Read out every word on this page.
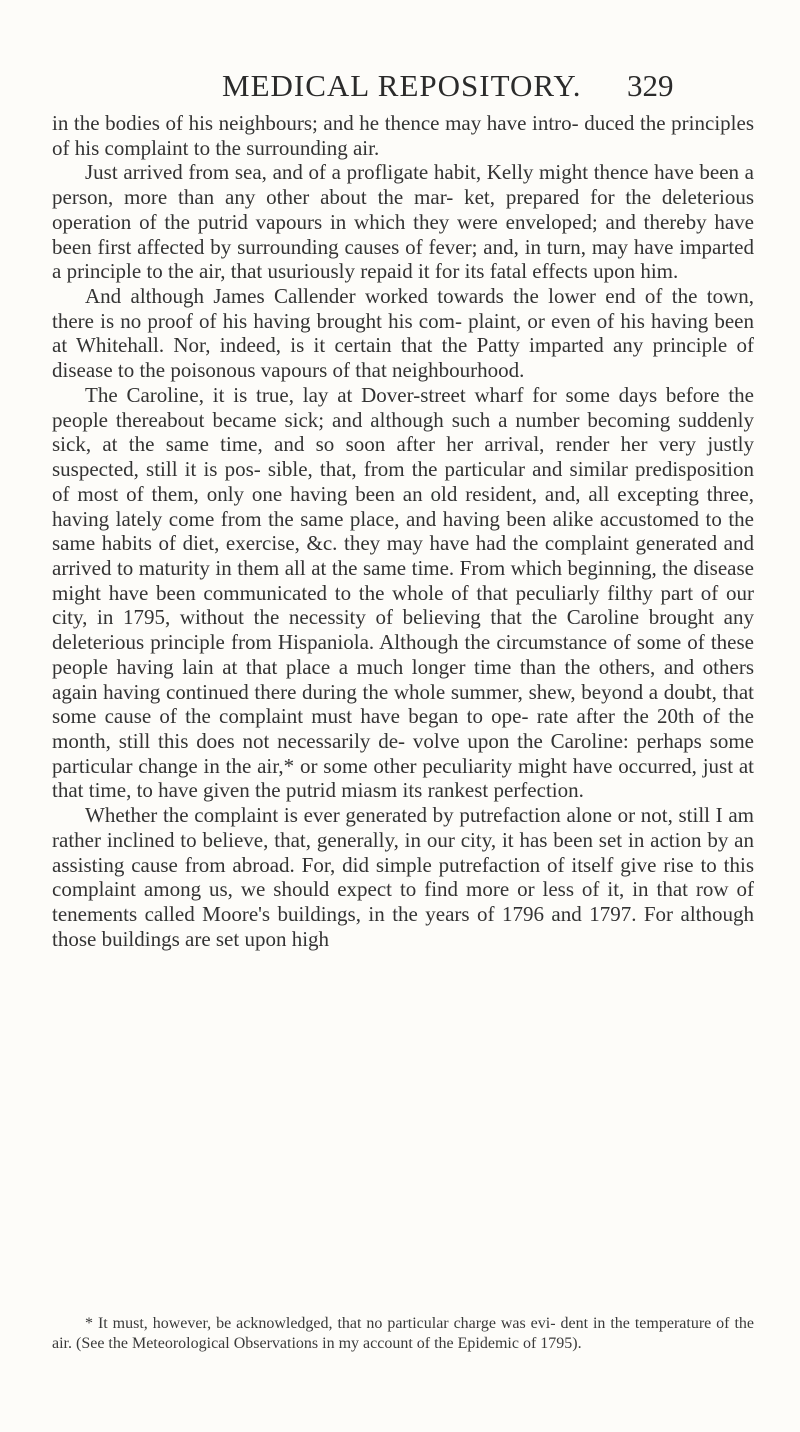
MEDICAL REPOSITORY. 329

in the bodies of his neighbours; and he thence may have intro- duced the principles of his complaint to the surrounding air.

Just arrived from sea, and of a profligate habit, Kelly might thence have been a person, more than any other about the mar- ket, prepared for the deleterious operation of the putrid vapours in which they were enveloped; and thereby have been first affected by surrounding causes of fever; and, in turn, may have imparted a principle to the air, that usuriously repaid it for its fatal effects upon him.

And although James Callender worked towards the lower end of the town, there is no proof of his having brought his com- plaint, or even of his having been at Whitehall. Nor, indeed, is it certain that the Patty imparted any principle of disease to the poisonous vapours of that neighbourhood.

The Caroline, it is true, lay at Dover-street wharf for some days before the people thereabout became sick; and although such a number becoming suddenly sick, at the same time, and so soon after her arrival, render her very justly suspected, still it is pos- sible, that, from the particular and similar predisposition of most of them, only one having been an old resident, and, all excepting three, having lately come from the same place, and having been alike accustomed to the same habits of diet, exercise, &c. they may have had the complaint generated and arrived to maturity in them all at the same time. From which beginning, the disease might have been communicated to the whole of that peculiarly filthy part of our city, in 1795, without the necessity of believing that the Caroline brought any deleterious principle from Hispaniola. Although the circumstance of some of these people having lain at that place a much longer time than the others, and others again having continued there during the whole summer, shew, beyond a doubt, that some cause of the complaint must have began to ope- rate after the 20th of the month, still this does not necessarily de- volve upon the Caroline: perhaps some particular change in the air,* or some other peculiarity might have occurred, just at that time, to have given the putrid miasm its rankest perfection.

Whether the complaint is ever generated by putrefaction alone or not, still I am rather inclined to believe, that, generally, in our city, it has been set in action by an assisting cause from abroad. For, did simple putrefaction of itself give rise to this complaint among us, we should expect to find more or less of it, in that row of tenements called Moore's buildings, in the years of 1796 and 1797. For although those buildings are set upon high

* It must, however, be acknowledged, that no particular charge was evi- dent in the temperature of the air. (See the Meteorological Observations in my account of the Epidemic of 1795).
